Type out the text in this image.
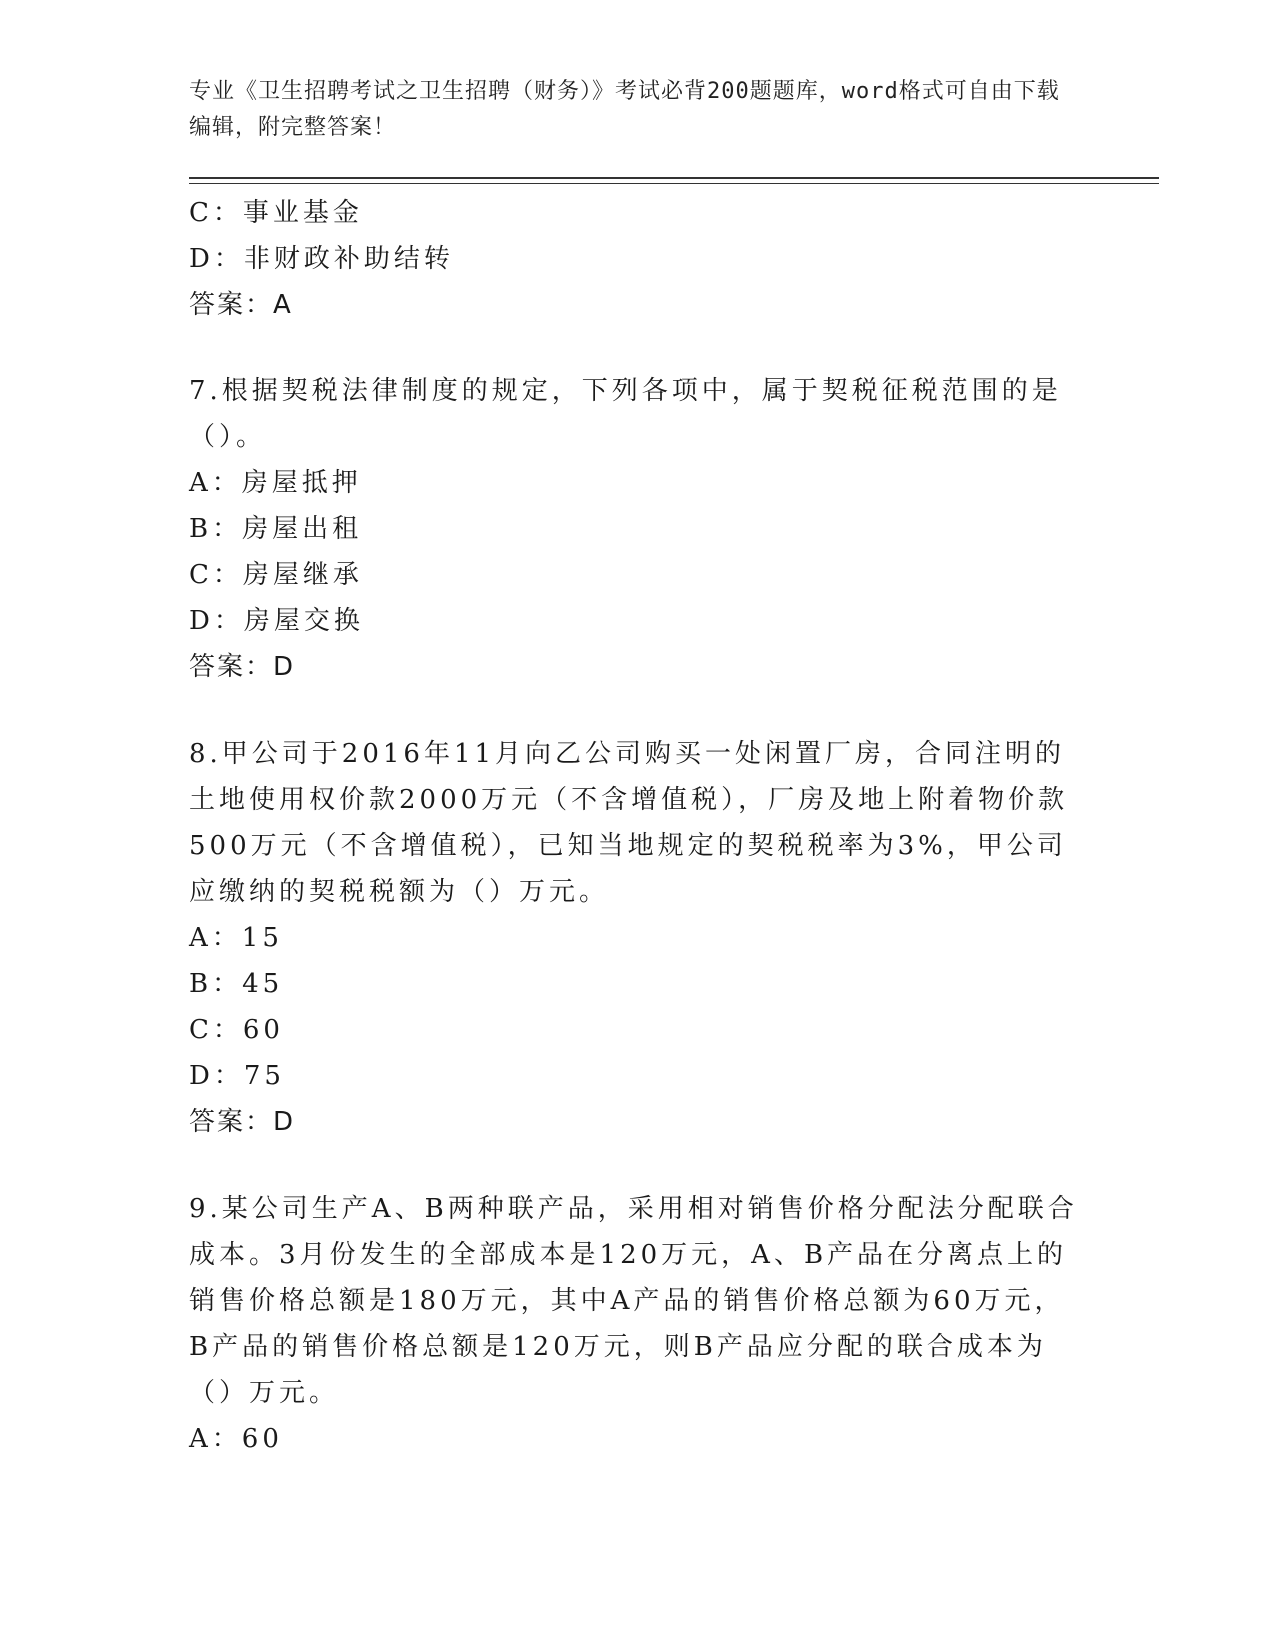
专业《卫生招聘考试之卫生招聘（财务）》考试必背200题题库，word格式可自由下载编辑，附完整答案！
C：事业基金
D：非财政补助结转
答案：A
7.根据契税法律制度的规定，下列各项中，属于契税征税范围的是（）。
A：房屋抵押
B：房屋出租
C：房屋继承
D：房屋交换
答案：D
8.甲公司于2016年11月向乙公司购买一处闲置厂房，合同注明的土地使用权价款2000万元（不含增值税），厂房及地上附着物价款500万元（不含增值税），已知当地规定的契税税率为3%，甲公司应缴纳的契税税额为（）万元。
A：15
B：45
C：60
D：75
答案：D
9.某公司生产A、B两种联产品，采用相对销售价格分配法分配联合成本。3月份发生的全部成本是120万元，A、B产品在分离点上的销售价格总额是180万元，其中A产品的销售价格总额为60万元，B产品的销售价格总额是120万元，则B产品应分配的联合成本为（）万元。
A：60
